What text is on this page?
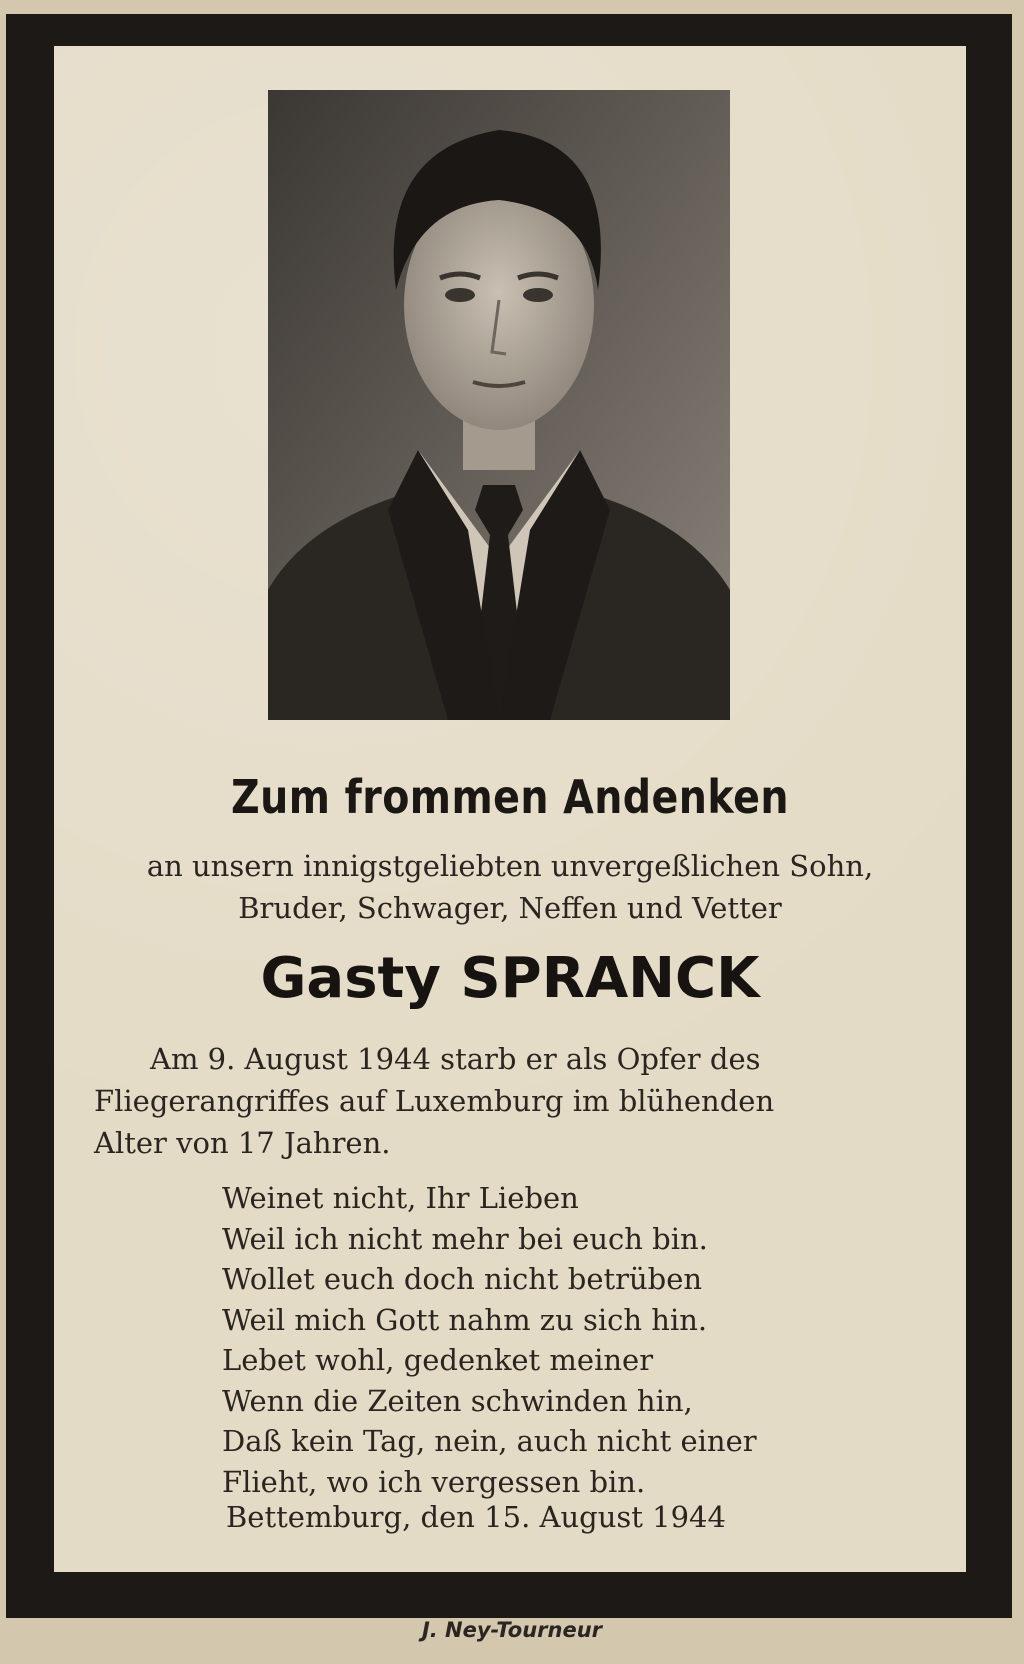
Zum frommen Andenken
an unsern innigstgeliebten unvergeßlichen Sohn,
Bruder, Schwager, Neffen und Vetter
Gasty SPRANCK
Am 9. August 1944 starb er als Opfer des
Fliegerangriffes auf Luxemburg im blühenden
Alter von 17 Jahren.
Weinet nicht, Ihr Lieben
Weil ich nicht mehr bei euch bin.
Wollet euch doch nicht betrüben
Weil mich Gott nahm zu sich hin.
Lebet wohl, gedenket meiner
Wenn die Zeiten schwinden hin,
Daß kein Tag, nein, auch nicht einer
Flieht, wo ich vergessen bin.
Bettemburg, den 15. August 1944
J. Ney-Tourneur
